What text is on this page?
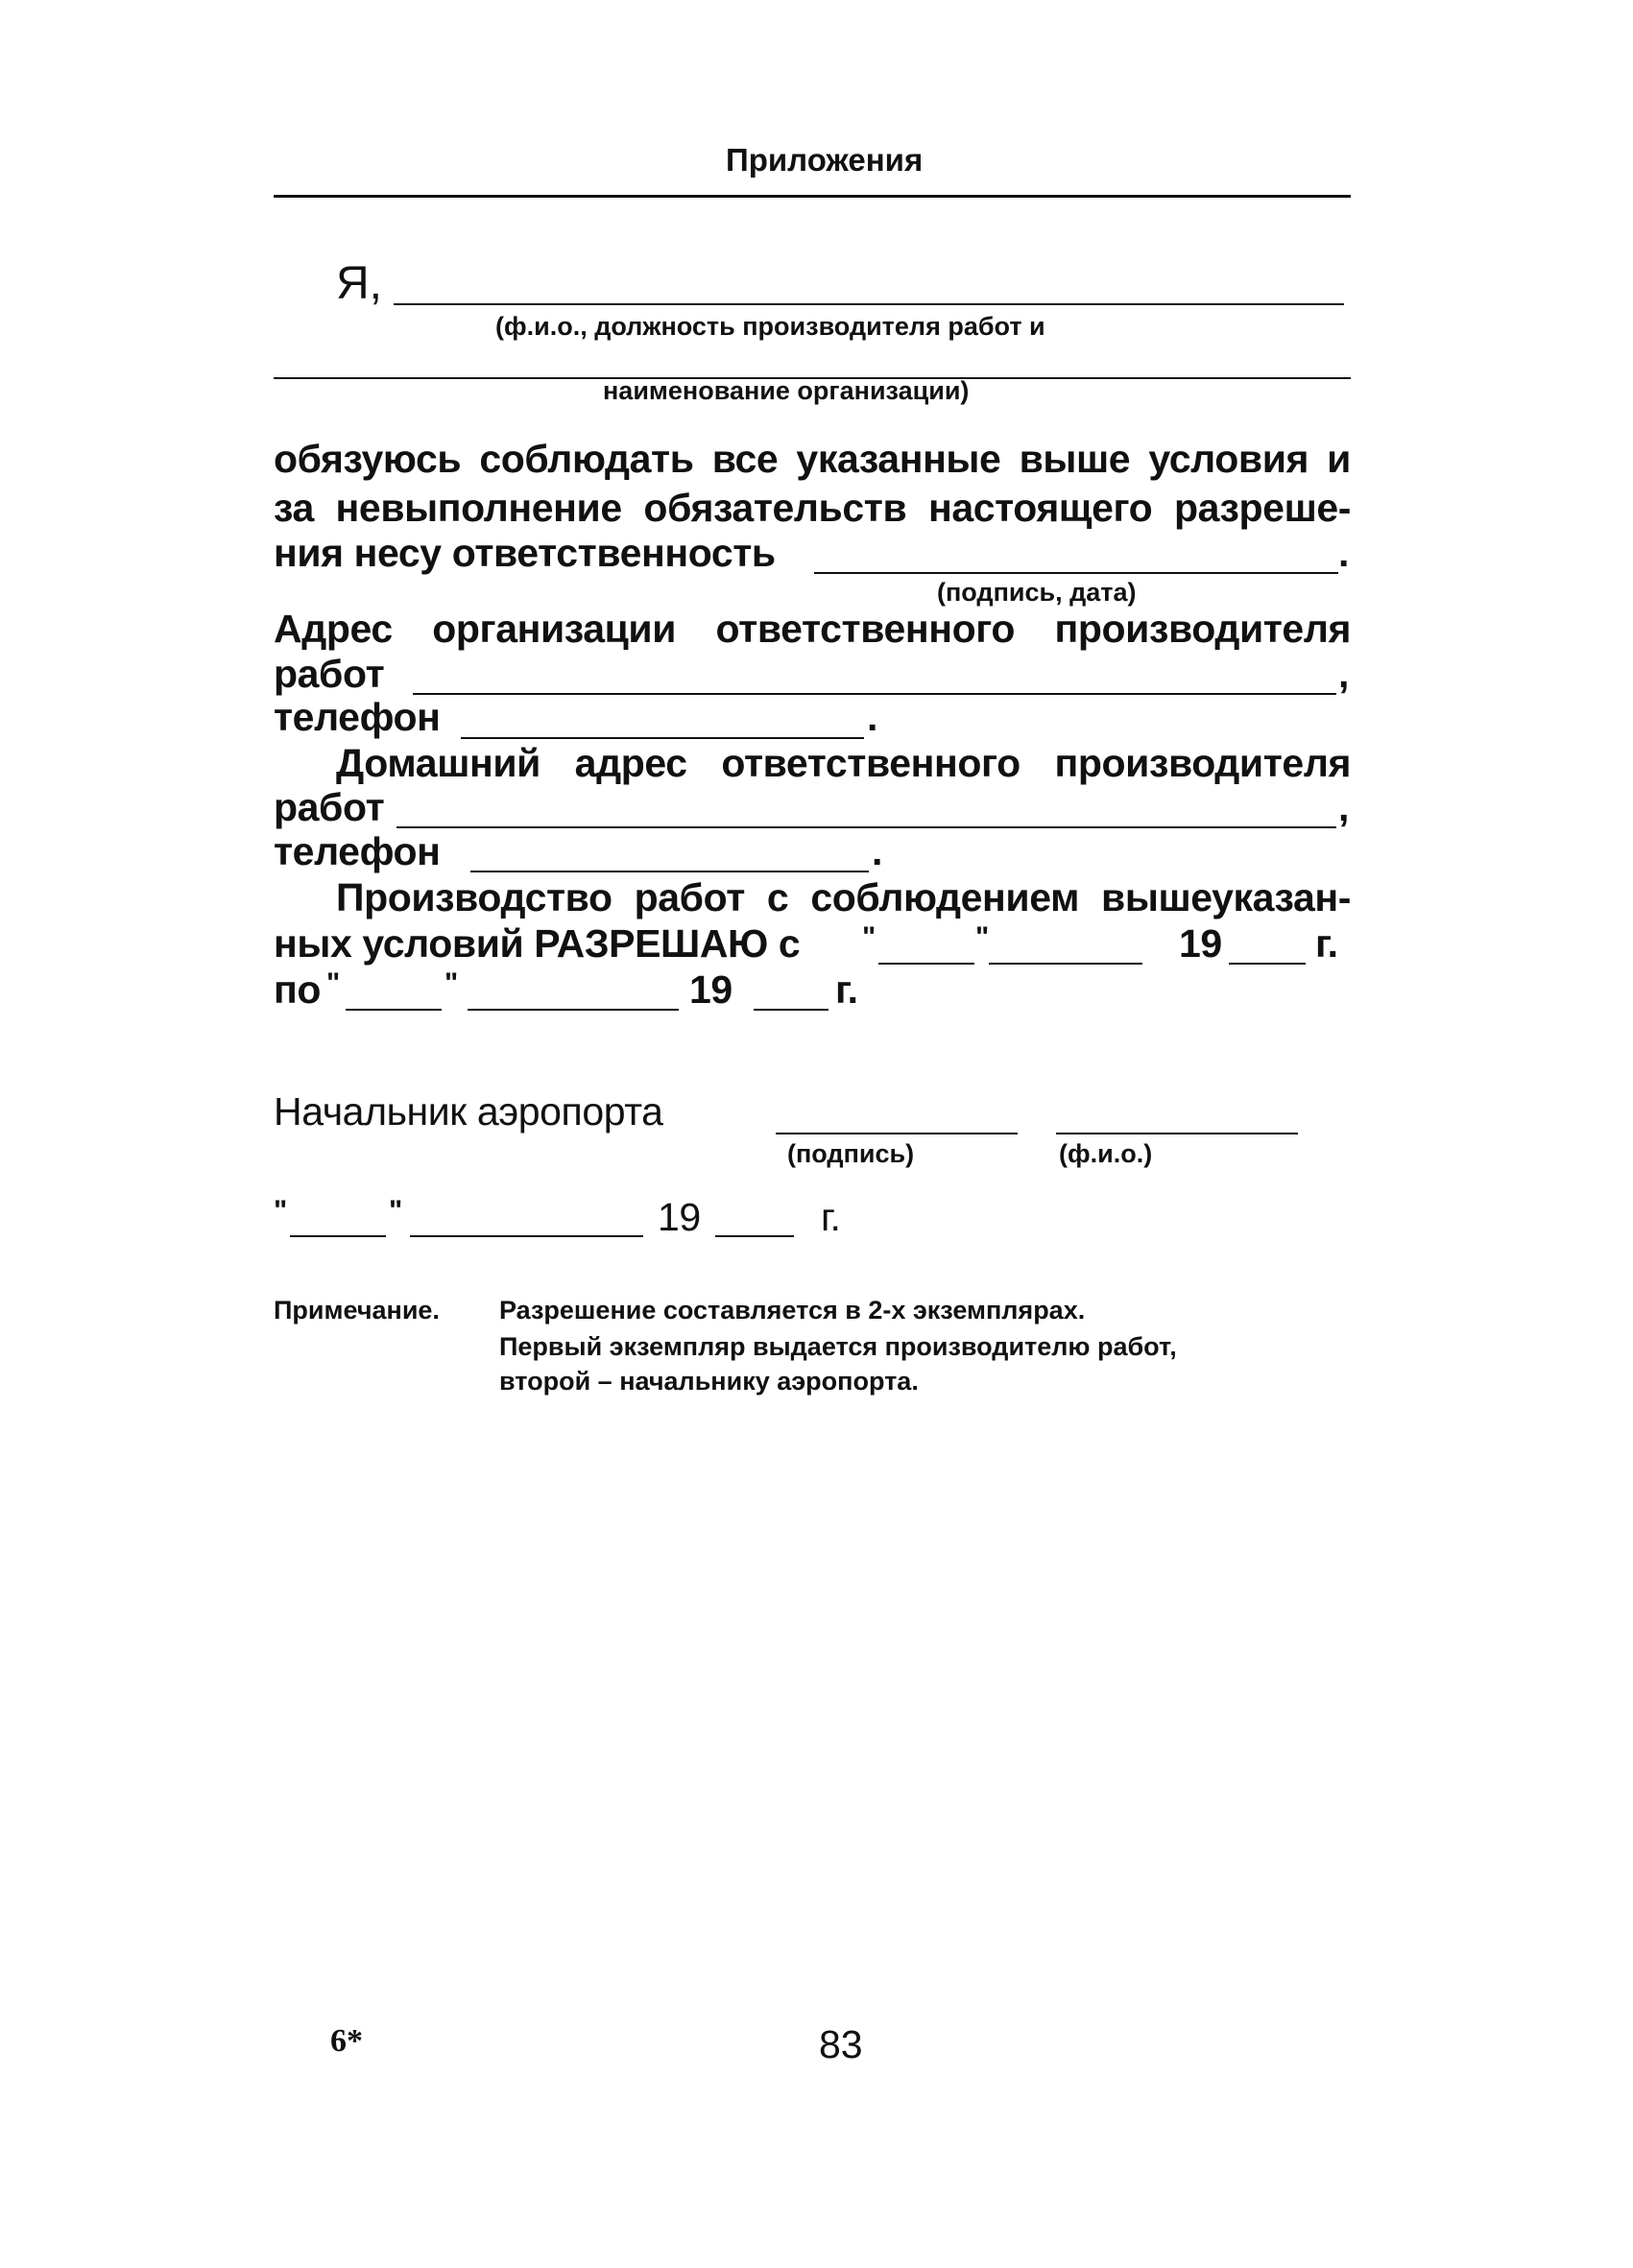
Приложения
Я,
(ф.и.о., должность производителя работ и
наименование организации)
обязуюсь соблюдать все указанные выше условия и
за невыполнение обязательств настоящего разреше-
ния несу ответственность	.
(подпись, дата)
Адрес организации ответственного производителя
работ	,
телефон	.
Домашний адрес ответственного производителя
работ	,
телефон	.
Производство работ с соблюдением вышеуказан-
ных условий РАЗРЕШАЮ с "	"	19 г.
по "	"	19	г.
Начальник аэропорта
(подпись)	(ф.и.о.)
"	"	19	г.
Примечание. Разрешение составляется в 2-х экземплярах.
Первый экземпляр выдается производителю работ,
второй – начальнику аэропорта.
6*	83
